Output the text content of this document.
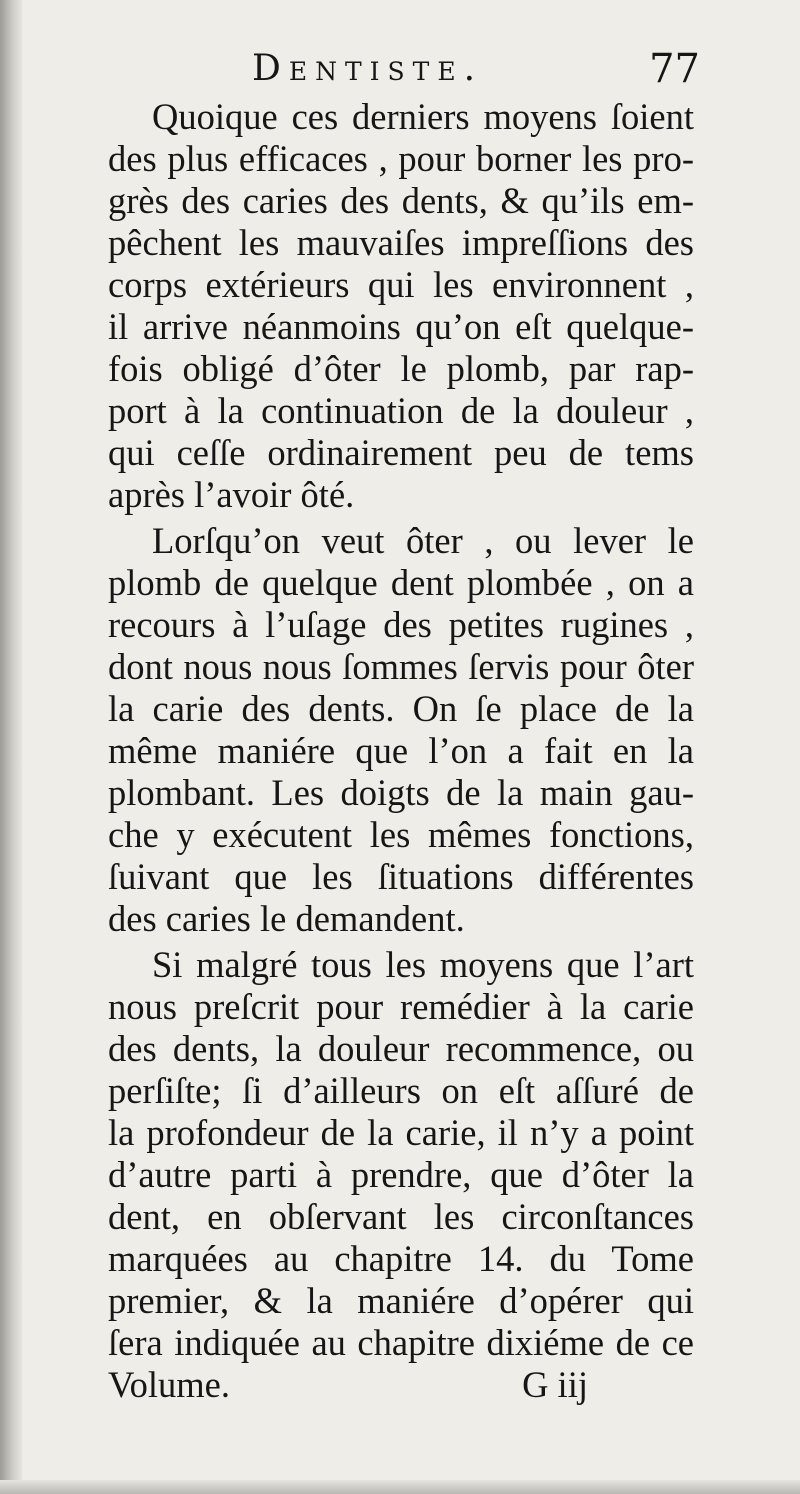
Dentiste.	77
Quoique ces derniers moyens ſoient
des plus efficaces , pour borner les pro-
grès des caries des dents, & qu’ils em-
pêchent les mauvaiſes impreſſions des
corps extérieurs qui les environnent ,
il arrive néanmoins qu’on eſt quelque-
fois obligé d’ôter le plomb, par rap-
port à la continuation de la douleur ,
qui ceſſe ordinairement peu de tems
après l’avoir ôté.
Lorſqu’on veut ôter , ou lever le
plomb de quelque dent plombée , on a
recours à l’uſage des petites rugines ,
dont nous nous ſommes ſervis pour ôter
la carie des dents. On ſe place de la
même maniére que l’on a fait en la
plombant. Les doigts de la main gau-
che y exécutent les mêmes fonctions,
ſuivant que les ſituations différentes
des caries le demandent.
Si malgré tous les moyens que l’art
nous preſcrit pour remédier à la carie
des dents, la douleur recommence, ou
perſiſte; ſi d’ailleurs on eſt aſſuré de
la profondeur de la carie, il n’y a point
d’autre parti à prendre, que d’ôter la
dent, en obſervant les circonſtances
marquées au chapitre 14. du Tome
premier, & la maniére d’opérer qui
ſera indiquée au chapitre dixiéme de ce
Volume.	G iij
